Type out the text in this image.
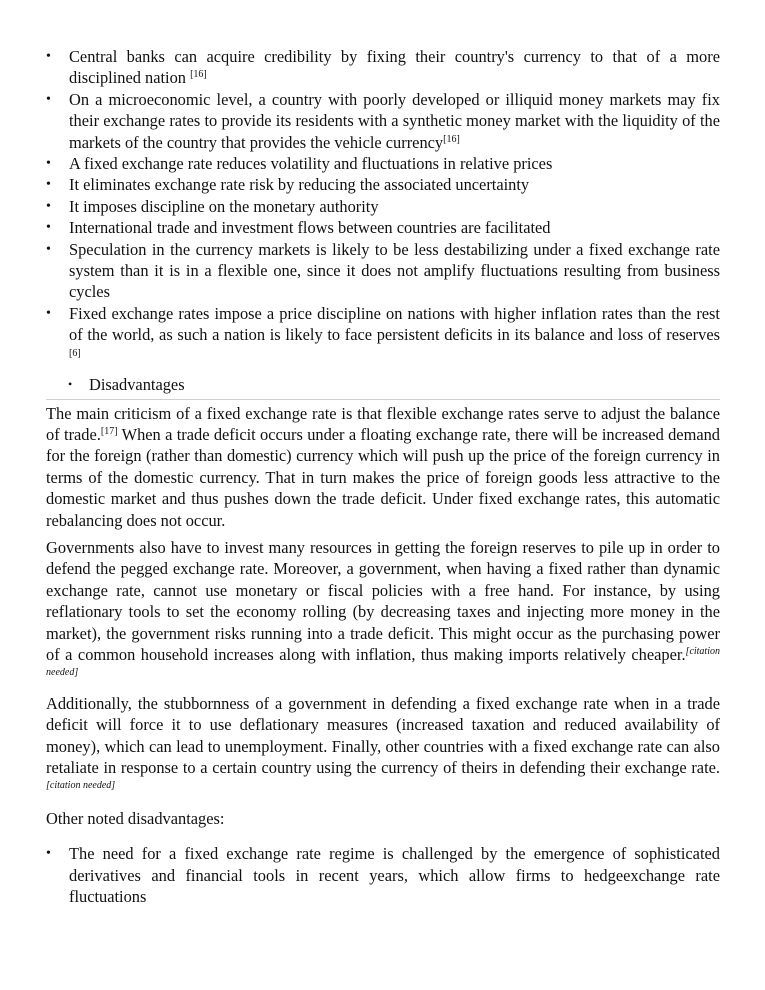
• Central banks can acquire credibility by fixing their country's currency to that of a more disciplined nation [16]
• On a microeconomic level, a country with poorly developed or illiquid money markets may fix their exchange rates to provide its residents with a synthetic money market with the liquidity of the markets of the country that provides the vehicle currency[16]
• A fixed exchange rate reduces volatility and fluctuations in relative prices
• It eliminates exchange rate risk by reducing the associated uncertainty
• It imposes discipline on the monetary authority
• International trade and investment flows between countries are facilitated
• Speculation in the currency markets is likely to be less destabilizing under a fixed exchange rate system than it is in a flexible one, since it does not amplify fluctuations resulting from business cycles
• Fixed exchange rates impose a price discipline on nations with higher inflation rates than the rest of the world, as such a nation is likely to face persistent deficits in its balance and loss of reserves [6]
• Disadvantages

The main criticism of a fixed exchange rate is that flexible exchange rates serve to adjust the balance of trade.[17] When a trade deficit occurs under a floating exchange rate, there will be increased demand for the foreign (rather than domestic) currency which will push up the price of the foreign currency in terms of the domestic currency. That in turn makes the price of foreign goods less attractive to the domestic market and thus pushes down the trade deficit. Under fixed exchange rates, this automatic rebalancing does not occur.

Governments also have to invest many resources in getting the foreign reserves to pile up in order to defend the pegged exchange rate. Moreover, a government, when having a fixed rather than dynamic exchange rate, cannot use monetary or fiscal policies with a free hand. For instance, by using reflationary tools to set the economy rolling (by decreasing taxes and injecting more money in the market), the government risks running into a trade deficit. This might occur as the purchasing power of a common household increases along with inflation, thus making imports relatively cheaper.[citation needed]

Additionally, the stubbornness of a government in defending a fixed exchange rate when in a trade deficit will force it to use deflationary measures (increased taxation and reduced availability of money), which can lead to unemployment. Finally, other countries with a fixed exchange rate can also retaliate in response to a certain country using the currency of theirs in defending their exchange rate.[citation needed]

Other noted disadvantages:

• The need for a fixed exchange rate regime is challenged by the emergence of sophisticated derivatives and financial tools in recent years, which allow firms to hedgeexchange rate fluctuations
